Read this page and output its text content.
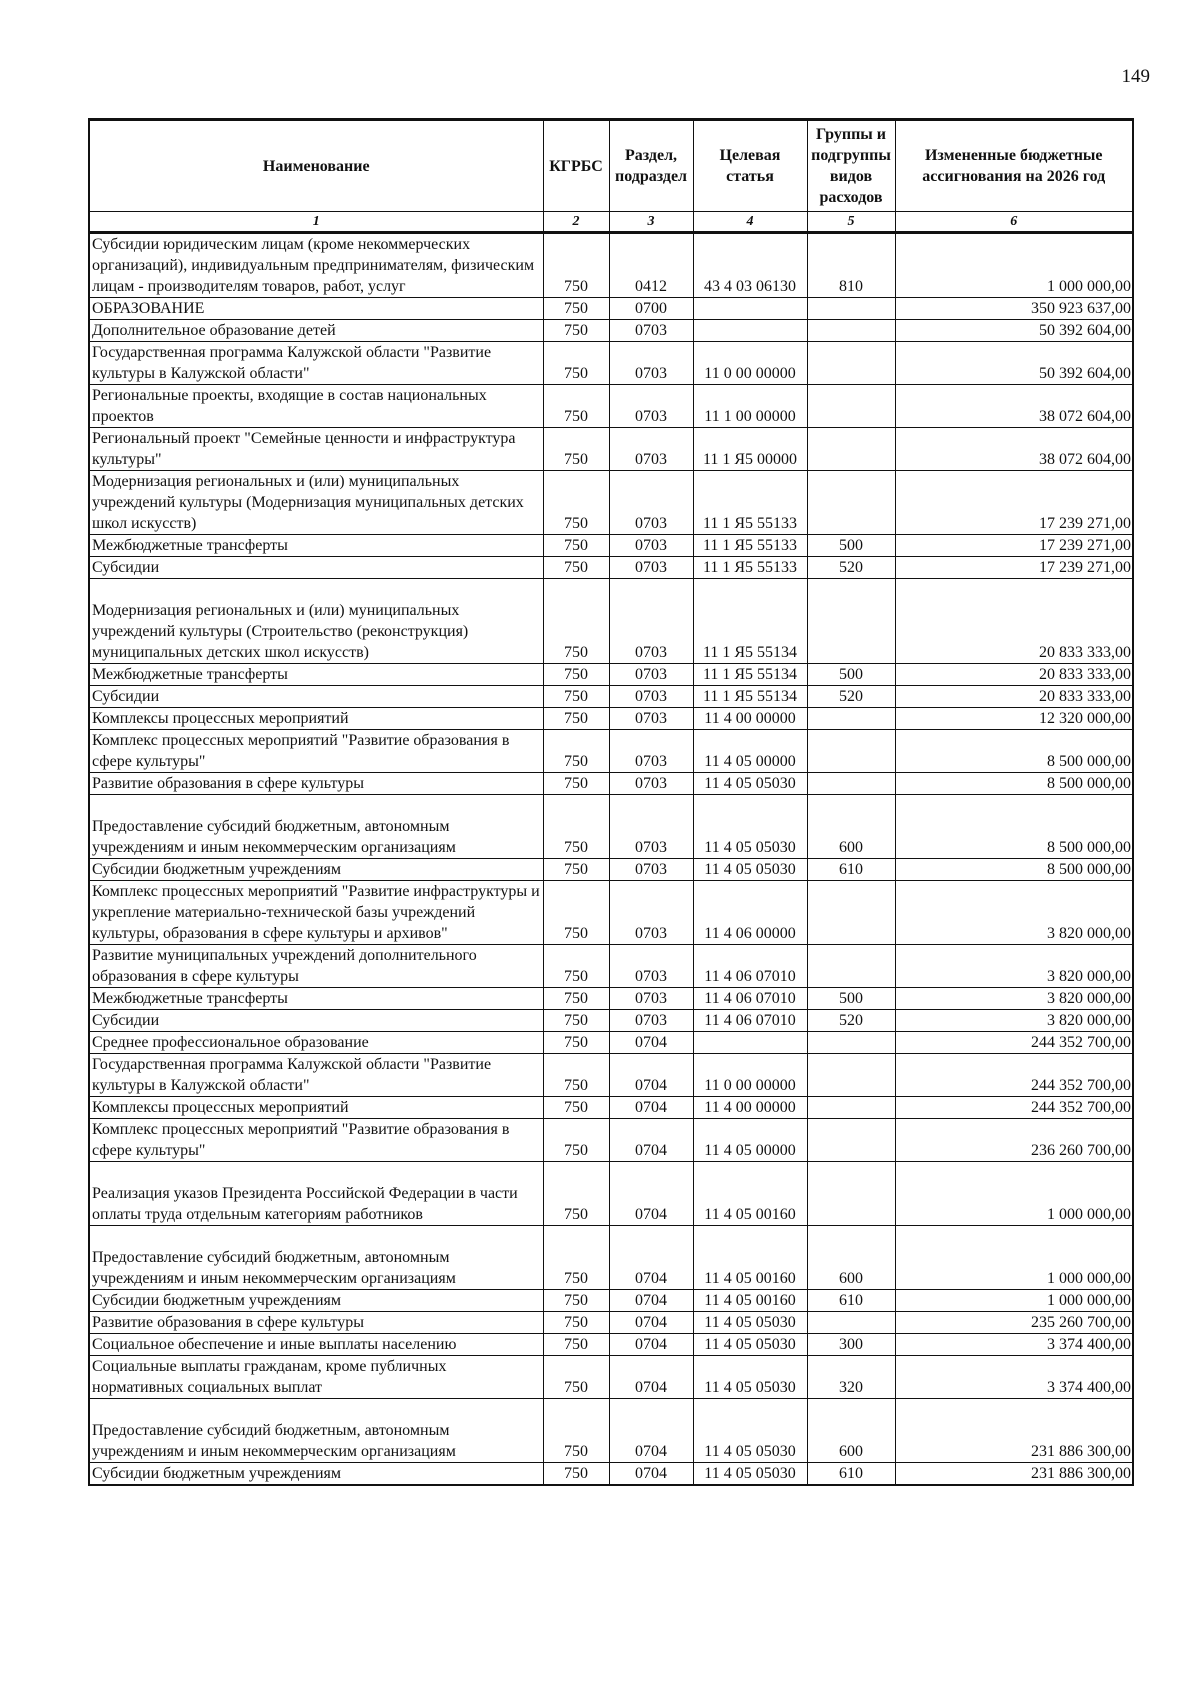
149
Наименование	КГРБС	Раздел, подраздел	Целевая статья	Группы и подгруппы видов расходов	Измененные бюджетные ассигнования на 2026 год
1	2	3	4	5	6
Субсидии юридическим лицам (кроме некоммерческих организаций), индивидуальным предпринимателям, физическим лицам - производителям товаров, работ, услуг	750	0412	43 4 03 06130	810	1 000 000,00
ОБРАЗОВАНИЕ	750	0700			350 923 637,00
Дополнительное образование детей	750	0703			50 392 604,00
Государственная программа Калужской области "Развитие культуры в Калужской области"	750	0703	11 0 00 00000		50 392 604,00
Региональные проекты, входящие в состав национальных проектов	750	0703	11 1 00 00000		38 072 604,00
Региональный проект "Семейные ценности и инфраструктура культуры"	750	0703	11 1 Я5 00000		38 072 604,00
Модернизация региональных и (или) муниципальных учреждений культуры (Модернизация муниципальных детских школ искусств)	750	0703	11 1 Я5 55133		17 239 271,00
Межбюджетные трансферты	750	0703	11 1 Я5 55133	500	17 239 271,00
Субсидии	750	0703	11 1 Я5 55133	520	17 239 271,00
Модернизация региональных и (или) муниципальных учреждений культуры (Строительство (реконструкция) муниципальных детских школ искусств)	750	0703	11 1 Я5 55134		20 833 333,00
Межбюджетные трансферты	750	0703	11 1 Я5 55134	500	20 833 333,00
Субсидии	750	0703	11 1 Я5 55134	520	20 833 333,00
Комплексы процессных мероприятий	750	0703	11 4 00 00000		12 320 000,00
Комплекс процессных мероприятий "Развитие образования в сфере культуры"	750	0703	11 4 05 00000		8 500 000,00
Развитие образования в сфере культуры	750	0703	11 4 05 05030		8 500 000,00
Предоставление субсидий бюджетным, автономным учреждениям и иным некоммерческим организациям	750	0703	11 4 05 05030	600	8 500 000,00
Субсидии бюджетным учреждениям	750	0703	11 4 05 05030	610	8 500 000,00
Комплекс процессных мероприятий "Развитие инфраструктуры и укрепление материально-технической базы учреждений культуры, образования в сфере культуры и архивов"	750	0703	11 4 06 00000		3 820 000,00
Развитие муниципальных учреждений дополнительного образования в сфере культуры	750	0703	11 4 06 07010		3 820 000,00
Межбюджетные трансферты	750	0703	11 4 06 07010	500	3 820 000,00
Субсидии	750	0703	11 4 06 07010	520	3 820 000,00
Среднее профессиональное образование	750	0704			244 352 700,00
Государственная программа Калужской области "Развитие культуры в Калужской области"	750	0704	11 0 00 00000		244 352 700,00
Комплексы процессных мероприятий	750	0704	11 4 00 00000		244 352 700,00
Комплекс процессных мероприятий "Развитие образования в сфере культуры"	750	0704	11 4 05 00000		236 260 700,00
Реализация указов Президента Российской Федерации в части оплаты труда отдельным категориям работников	750	0704	11 4 05 00160		1 000 000,00
Предоставление субсидий бюджетным, автономным учреждениям и иным некоммерческим организациям	750	0704	11 4 05 00160	600	1 000 000,00
Субсидии бюджетным учреждениям	750	0704	11 4 05 00160	610	1 000 000,00
Развитие образования в сфере культуры	750	0704	11 4 05 05030		235 260 700,00
Социальное обеспечение и иные выплаты населению	750	0704	11 4 05 05030	300	3 374 400,00
Социальные выплаты гражданам, кроме публичных нормативных социальных выплат	750	0704	11 4 05 05030	320	3 374 400,00
Предоставление субсидий бюджетным, автономным учреждениям и иным некоммерческим организациям	750	0704	11 4 05 05030	600	231 886 300,00
Субсидии бюджетным учреждениям	750	0704	11 4 05 05030	610	231 886 300,00
